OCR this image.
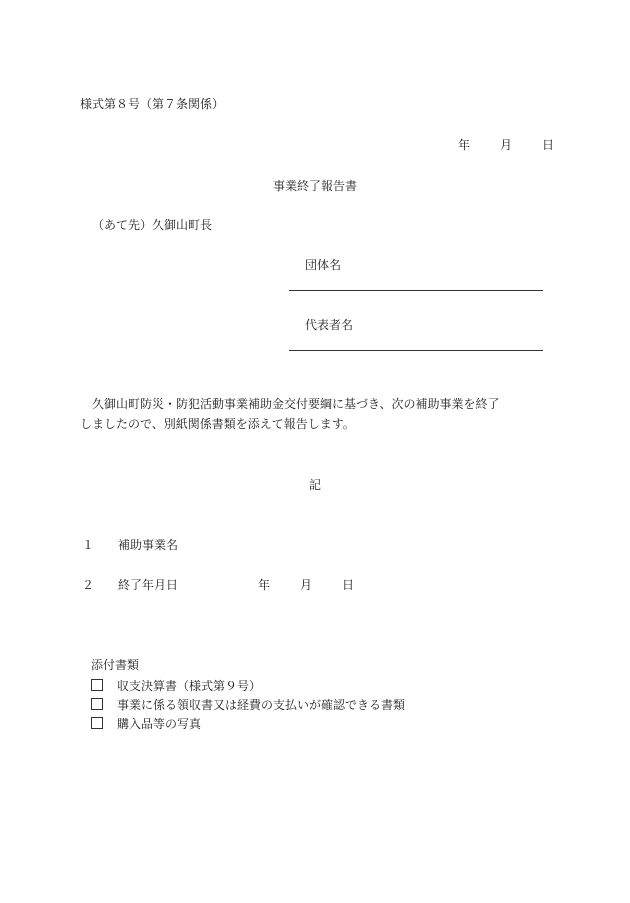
様式第８号（第７条関係）
年	月	日
事業終了報告書
（あて先）久御山町長
団体名
代表者名
久御山町防災・防犯活動事業補助金交付要綱に基づき、次の補助事業を終了
しましたので、別紙関係書類を添えて報告します。
記
１ 補助事業名
２ 終了年月日	年	月	日
添付書類
収支決算書（様式第９号）
事業に係る領収書又は経費の支払いが確認できる書類
購入品等の写真
